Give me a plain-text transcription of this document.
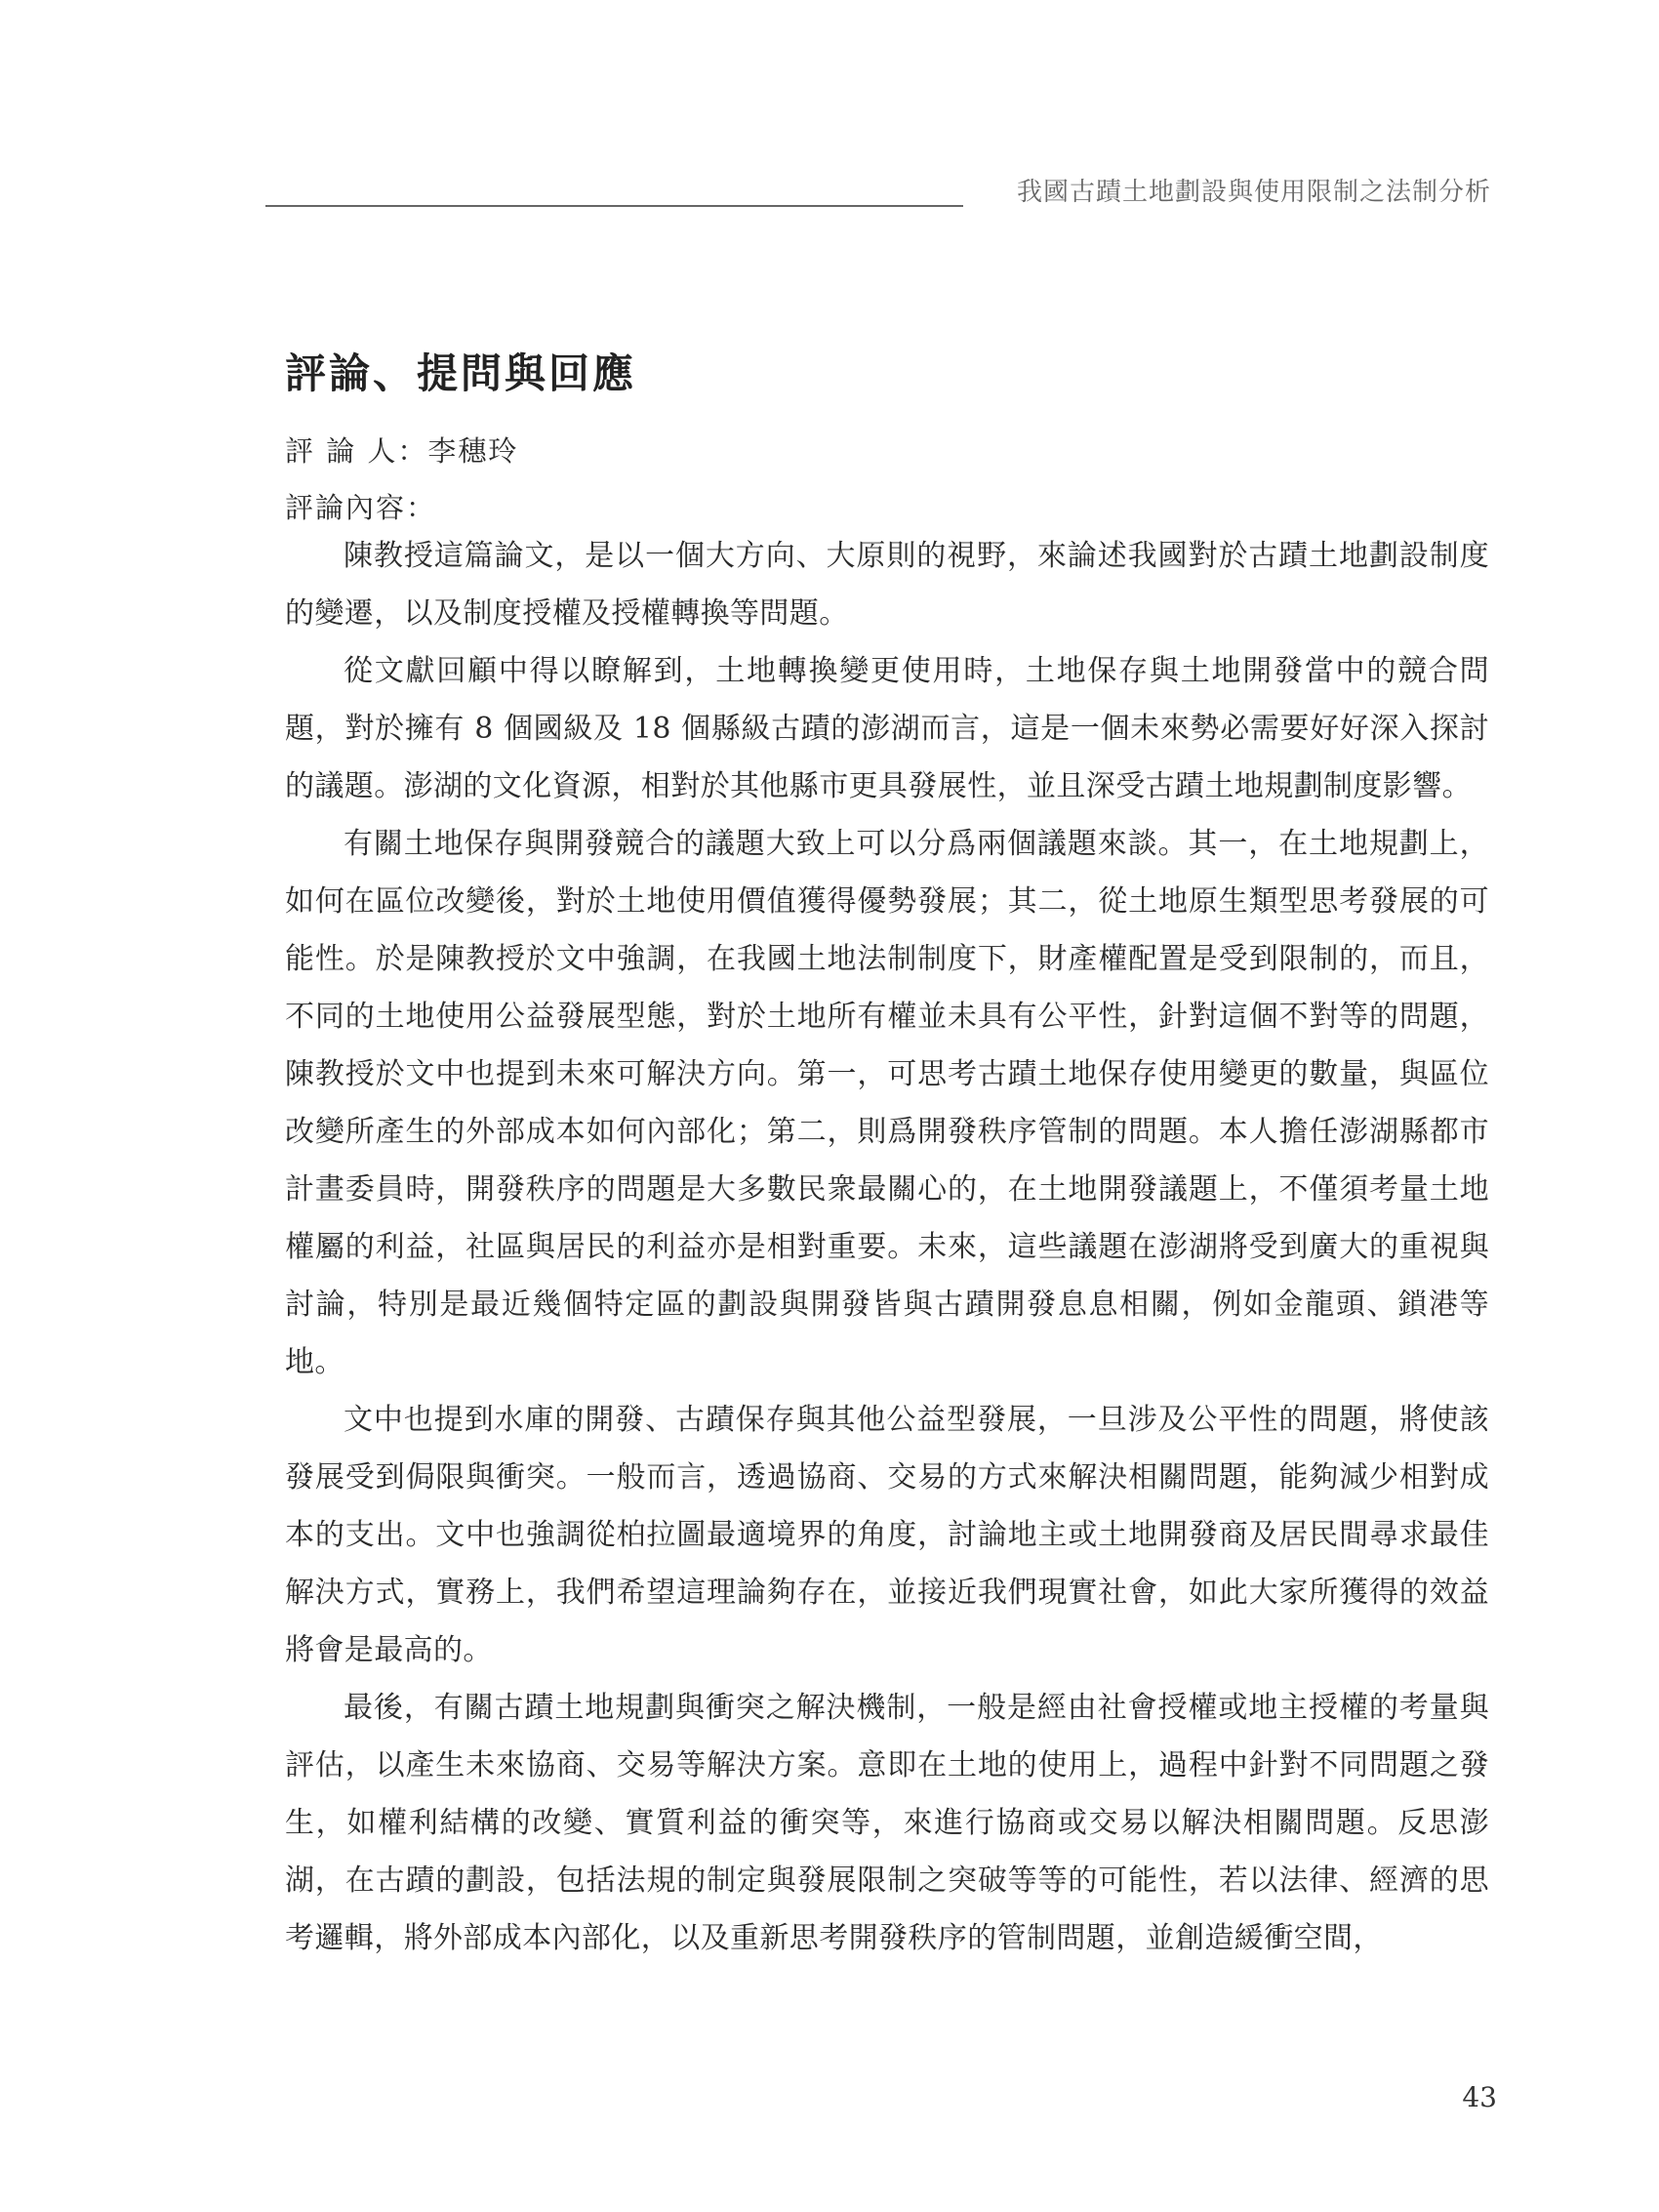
我國古蹟土地劃設與使用限制之法制分析
評論、提問與回應
評 論 人：李穗玲
評論內容：

陳教授這篇論文，是以一個大方向、大原則的視野，來論述我國對於古蹟土地劃設制度的變遷，以及制度授權及授權轉換等問題。

從文獻回顧中得以瞭解到，土地轉換變更使用時，土地保存與土地開發當中的競合問題，對於擁有 8 個國級及 18 個縣級古蹟的澎湖而言，這是一個未來勢必需要好好深入探討的議題。澎湖的文化資源，相對於其他縣市更具發展性，並且深受古蹟土地規劃制度影響。

有關土地保存與開發競合的議題大致上可以分爲兩個議題來談。其一，在土地規劃上，如何在區位改變後，對於土地使用價值獲得優勢發展；其二，從土地原生類型思考發展的可能性。於是陳教授於文中強調，在我國土地法制制度下，財產權配置是受到限制的，而且，不同的土地使用公益發展型態，對於土地所有權並未具有公平性，針對這個不對等的問題，陳教授於文中也提到未來可解決方向。第一，可思考古蹟土地保存使用變更的數量，與區位改變所產生的外部成本如何內部化；第二，則爲開發秩序管制的問題。本人擔任澎湖縣都市計畫委員時，開發秩序的問題是大多數民衆最關心的，在土地開發議題上，不僅須考量土地權屬的利益，社區與居民的利益亦是相對重要。未來，這些議題在澎湖將受到廣大的重視與討論，特別是最近幾個特定區的劃設與開發皆與古蹟開發息息相關，例如金龍頭、鎖港等地。

文中也提到水庫的開發、古蹟保存與其他公益型發展，一旦涉及公平性的問題，將使該發展受到侷限與衝突。一般而言，透過協商、交易的方式來解決相關問題，能夠減少相對成本的支出。文中也強調從柏拉圖最適境界的角度，討論地主或土地開發商及居民間尋求最佳解決方式，實務上，我們希望這理論夠存在，並接近我們現實社會，如此大家所獲得的效益將會是最高的。

最後，有關古蹟土地規劃與衝突之解決機制，一般是經由社會授權或地主授權的考量與評估，以產生未來協商、交易等解決方案。意即在土地的使用上，過程中針對不同問題之發生，如權利結構的改變、實質利益的衝突等，來進行協商或交易以解決相關問題。反思澎湖，在古蹟的劃設，包括法規的制定與發展限制之突破等等的可能性，若以法律、經濟的思考邏輯，將外部成本內部化，以及重新思考開發秩序的管制問題，並創造緩衝空間，

43
